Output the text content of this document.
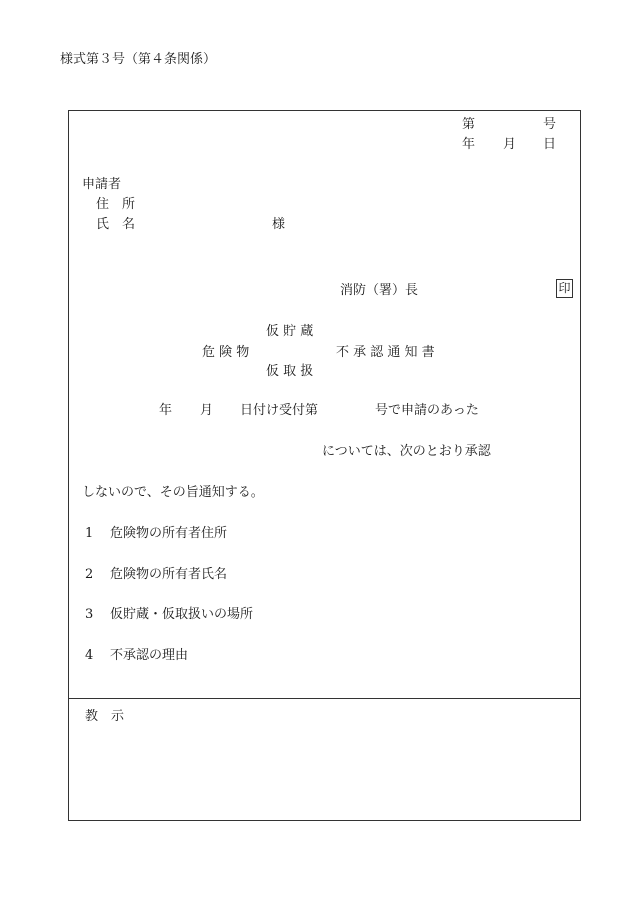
様式第３号（第４条関係）
第	号
年 月 日
申請者
住　所
氏　名	様
消防（署）長	印
仮 貯 蔵
危 険 物
仮 取 扱
不 承 認 通 知 書
年 月 日付け受付第	号で申請のあった
については、次のとおり承認
しないので、その旨通知する。
1 危険物の所有者住所
2 危険物の所有者氏名
3 仮貯蔵・仮取扱いの場所
4 不承認の理由
教　示
